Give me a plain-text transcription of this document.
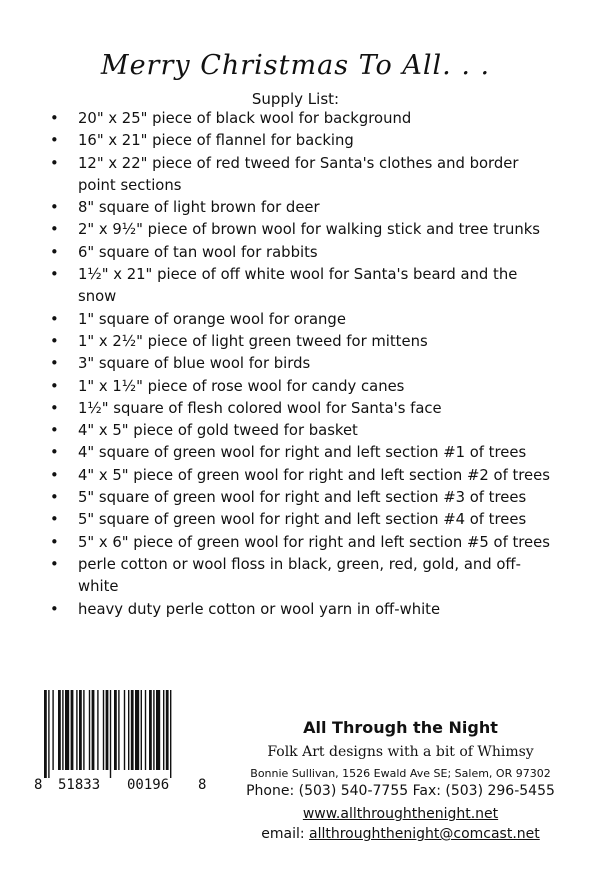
Merry Christmas To All. . .
Supply List:
• 20" x 25" piece of black wool for background
• 16" x 21" piece of flannel for backing
• 12" x 22" piece of red tweed for Santa's clothes and border point sections
• 8" square of light brown for deer
• 2" x 9½" piece of brown wool for walking stick and tree trunks
• 6" square of tan wool for rabbits
• 1½" x 21" piece of off white wool for Santa's beard and the snow
• 1" square of orange wool for orange
• 1" x 2½" piece of light green tweed for mittens
• 3" square of blue wool for birds
• 1" x 1½" piece of rose wool for candy canes
• 1½" square of flesh colored wool for Santa's face
• 4" x 5" piece of gold tweed for basket
• 4" square of green wool for right and left section #1 of trees
• 4" x 5" piece of green wool for right and left section #2 of trees
• 5" square of green wool for right and left section #3 of trees
• 5" square of green wool for right and left section #4 of trees
• 5" x 6" piece of green wool for right and left section #5 of trees
• perle cotton or wool floss in black, green, red, gold, and off-white
• heavy duty perle cotton or wool yarn in off-white
8 51833 00196 8
All Through the Night
Folk Art designs with a bit of Whimsy
Bonnie Sullivan, 1526 Ewald Ave SE; Salem, OR 97302
Phone: (503) 540-7755 Fax: (503) 296-5455
www.allthroughthenight.net
email: allthroughthenight@comcast.net
